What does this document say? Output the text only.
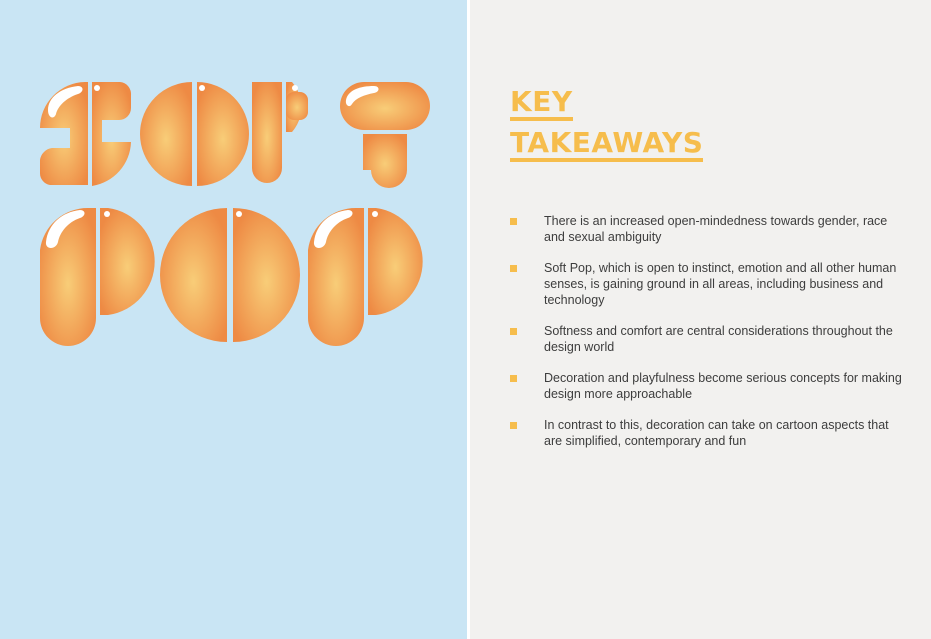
KEY
TAKEAWAYS
There is an increased open-mindedness towards gender, race and sexual ambiguity
Soft Pop, which is open to instinct, emotion and all other human senses, is gaining ground in all areas, including business and technology
Softness and comfort are central considerations throughout the design world
Decoration and playfulness become serious concepts for making design more approachable
In contrast to this, decoration can take on cartoon aspects that are simplified, contemporary and fun
